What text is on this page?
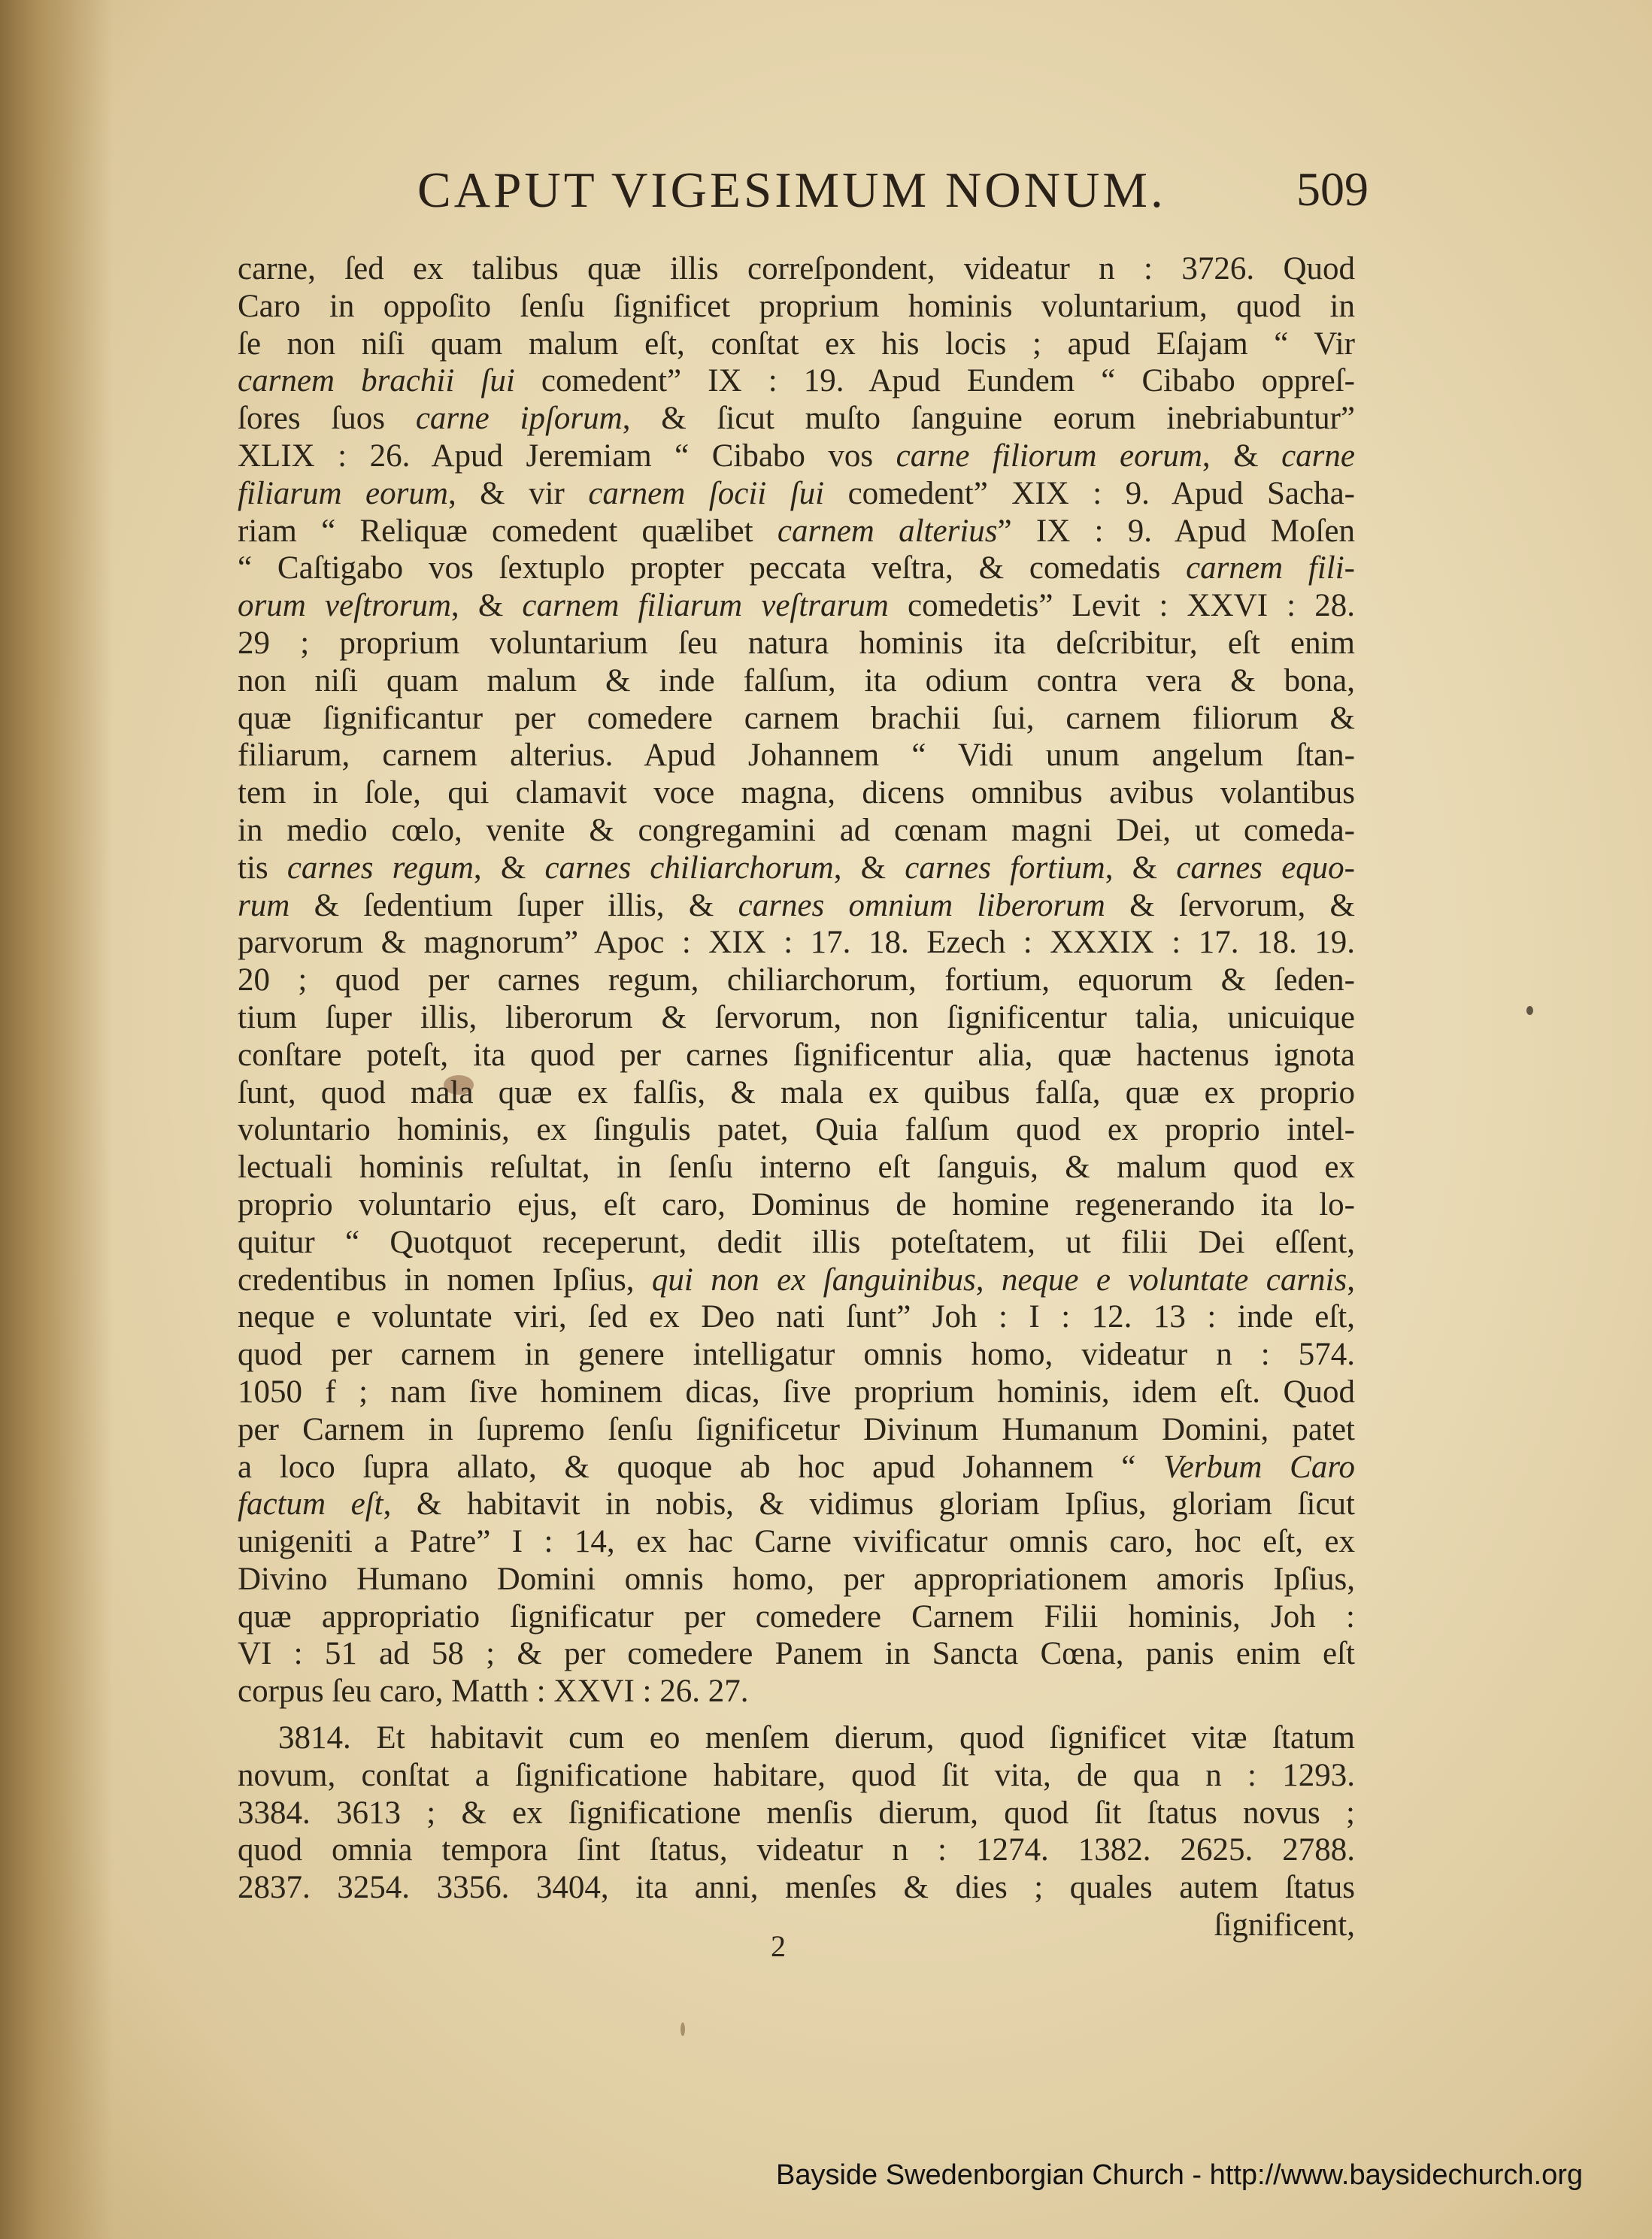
CAPUT VIGESIMUM NONUM.	509
carne, ſed ex talibus quæ illis correſpondent, videatur n : 3726. Quod
Caro in oppoſito ſenſu ſignificet proprium hominis voluntarium, quod in
ſe non niſi quam malum eſt, conſtat ex his locis ; apud Eſajam “ Vir
carnem brachii ſui comedent” IX : 19. Apud Eundem “ Cibabo oppreſ-
ſores ſuos carne ipſorum, & ſicut muſto ſanguine eorum inebriabuntur”
XLIX : 26. Apud Jeremiam “ Cibabo vos carne filiorum eorum, & carne
filiarum eorum, & vir carnem ſocii ſui comedent” XIX : 9. Apud Sacha-
riam “ Reliquæ comedent quælibet carnem alterius” IX : 9. Apud Moſen
“ Caſtigabo vos ſextuplo propter peccata veſtra, & comedatis carnem fili-
orum veſtrorum, & carnem filiarum veſtrarum comedetis” Levit : XXVI : 28.
29 ; proprium voluntarium ſeu natura hominis ita deſcribitur, eſt enim
non niſi quam malum & inde falſum, ita odium contra vera & bona,
quæ ſignificantur per comedere carnem brachii ſui, carnem filiorum &
filiarum, carnem alterius. Apud Johannem “ Vidi unum angelum ſtan-
tem in ſole, qui clamavit voce magna, dicens omnibus avibus volantibus
in medio cœlo, venite & congregamini ad cœnam magni Dei, ut comeda-
tis carnes regum, & carnes chiliarchorum, & carnes fortium, & carnes equo-
rum & ſedentium ſuper illis, & carnes omnium liberorum & ſervorum, &
parvorum & magnorum” Apoc : XIX : 17. 18. Ezech : XXXIX : 17. 18. 19.
20 ; quod per carnes regum, chiliarchorum, fortium, equorum & ſeden-
tium ſuper illis, liberorum & ſervorum, non ſignificentur talia, unicuique
conſtare poteſt, ita quod per carnes ſignificentur alia, quæ hactenus ignota
ſunt, quod mala quæ ex falſis, & mala ex quibus falſa, quæ ex proprio
voluntario hominis, ex ſingulis patet, Quia falſum quod ex proprio intel-
lectuali hominis reſultat, in ſenſu interno eſt ſanguis, & malum quod ex
proprio voluntario ejus, eſt caro, Dominus de homine regenerando ita lo-
quitur “ Quotquot receperunt, dedit illis poteſtatem, ut filii Dei eſſent,
credentibus in nomen Ipſius, qui non ex ſanguinibus, neque e voluntate carnis,
neque e voluntate viri, ſed ex Deo nati ſunt” Joh : I : 12. 13 : inde eſt,
quod per carnem in genere intelligatur omnis homo, videatur n : 574.
1050 f ; nam ſive hominem dicas, ſive proprium hominis, idem eſt. Quod
per Carnem in ſupremo ſenſu ſignificetur Divinum Humanum Domini, patet
a loco ſupra allato, & quoque ab hoc apud Johannem “ Verbum Caro
factum eſt, & habitavit in nobis, & vidimus gloriam Ipſius, gloriam ſicut
unigeniti a Patre” I : 14, ex hac Carne vivificatur omnis caro, hoc eſt, ex
Divino Humano Domini omnis homo, per appropriationem amoris Ipſius,
quæ appropriatio ſignificatur per comedere Carnem Filii hominis, Joh :
VI : 51 ad 58 ; & per comedere Panem in Sancta Cœna, panis enim eſt
corpus ſeu caro, Matth : XXVI : 26. 27.
3814. Et habitavit cum eo menſem dierum, quod ſignificet vitæ ſtatum
novum, conſtat a ſignificatione habitare, quod ſit vita, de qua n : 1293.
3384. 3613 ; & ex ſignificatione menſis dierum, quod ſit ſtatus novus ;
quod omnia tempora ſint ſtatus, videatur n : 1274. 1382. 2625. 2788.
2837. 3254. 3356. 3404, ita anni, menſes & dies ; quales autem ſtatus
ſignificent,
2
Bayside Swedenborgian Church - http://www.baysidechurch.org
